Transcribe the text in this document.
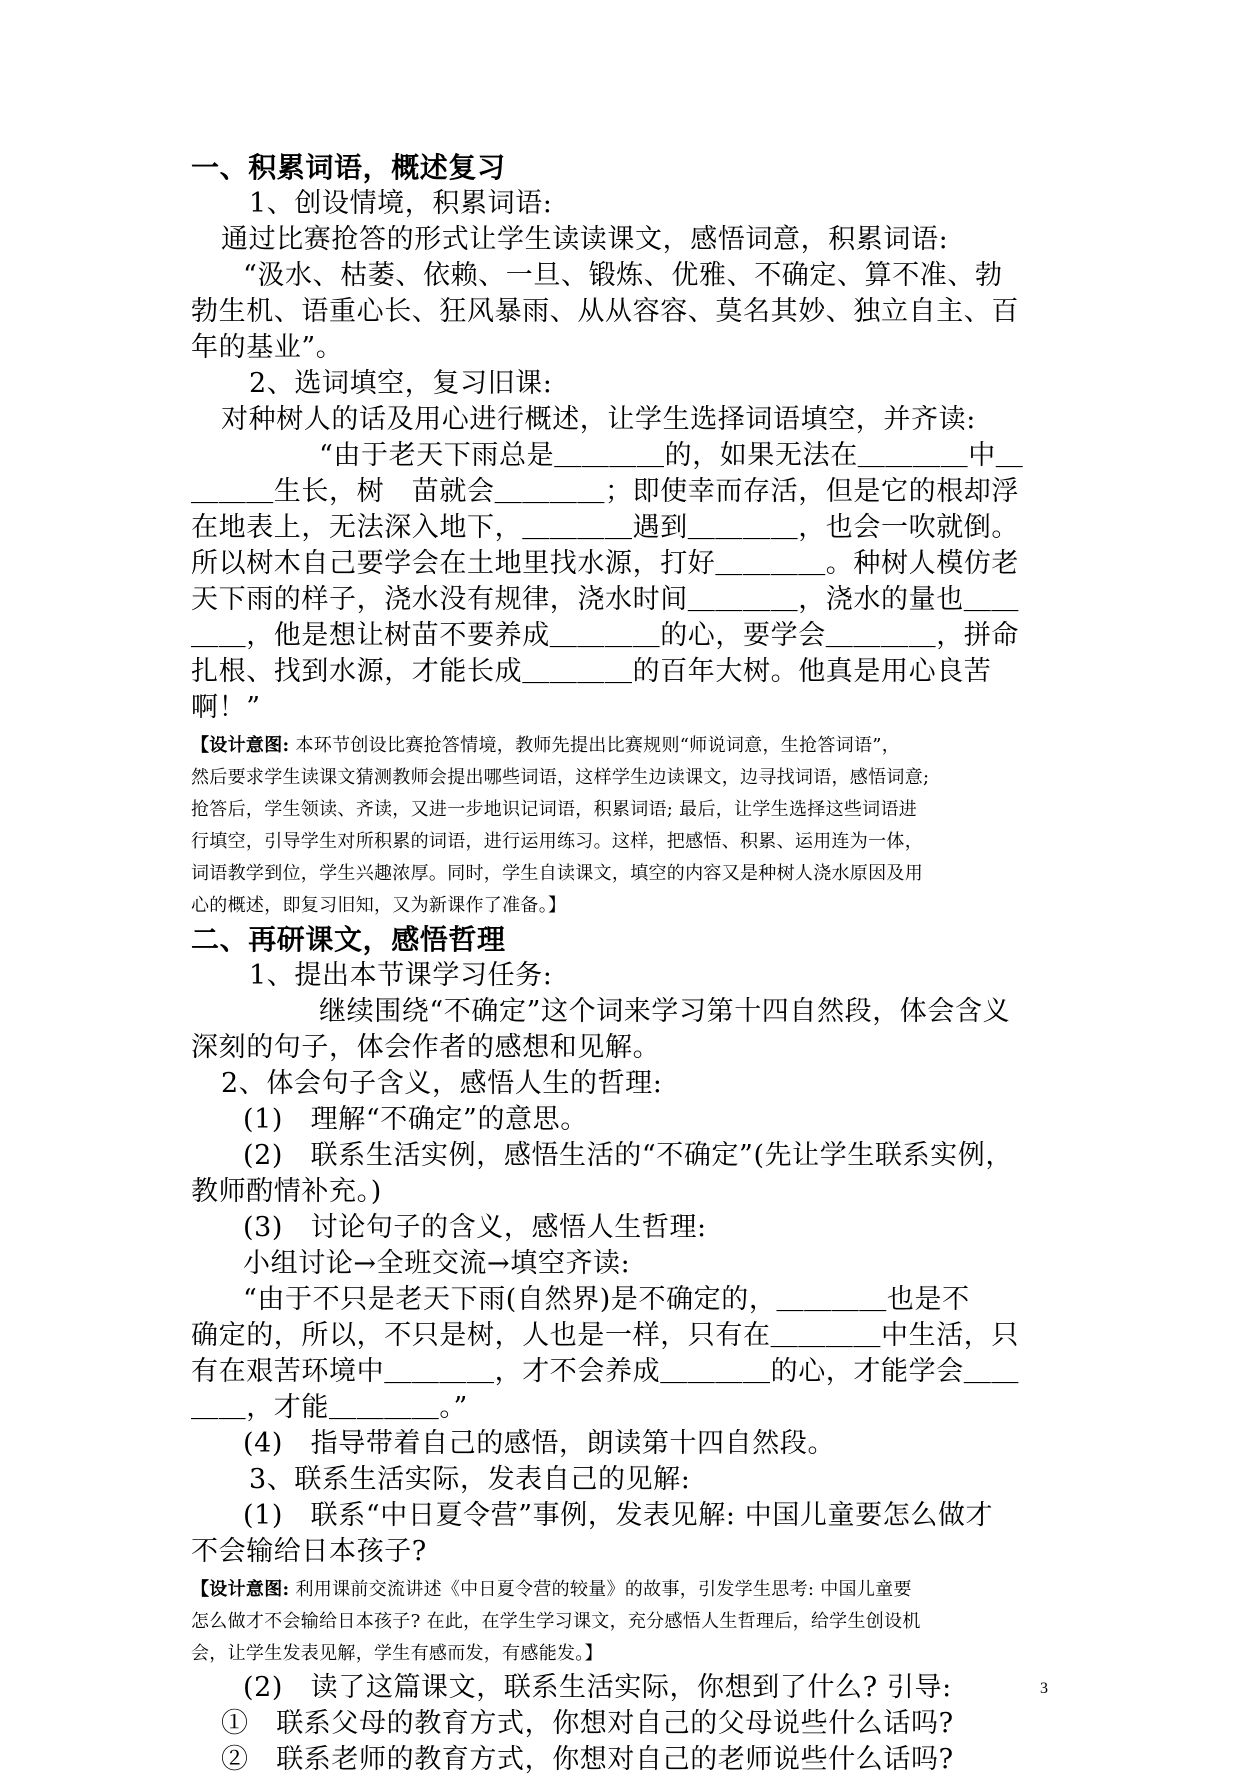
一、积累词语，概述复习

1、创设情境，积累词语:

通过比赛抢答的形式让学生读读课文，感悟词意，积累词语:

“汲水、枯萎、依赖、一旦、锻炼、优雅、不确定、算不准、勃

勃生机、语重心长、狂风暴雨、从从容容、莫名其妙、独立自主、百

年的基业”。

2、选词填空，复习旧课:

对种树人的话及用心进行概述，让学生选择词语填空，并齐读:

“由于老天下雨总是＿＿＿＿的，如果无法在＿＿＿＿中＿

＿＿＿生长，树　苗就会＿＿＿＿；即使幸而存活，但是它的根却浮

在地表上，无法深入地下，＿＿＿＿遇到＿＿＿＿，也会一吹就倒。

所以树木自己要学会在土地里找水源，打好＿＿＿＿。种树人模仿老

天下雨的样子，浇水没有规律，浇水时间＿＿＿＿，浇水的量也＿＿

＿＿，他是想让树苗不要养成＿＿＿＿的心，要学会＿＿＿＿，拼命

扎根、找到水源，才能长成＿＿＿＿的百年大树。他真是用心良苦

啊！”

【设计意图: 本环节创设比赛抢答情境，教师先提出比赛规则“师说词意，生抢答词语”，

然后要求学生读课文猜测教师会提出哪些词语，这样学生边读课文，边寻找词语，感悟词意;

抢答后，学生领读、齐读，又进一步地识记词语，积累词语; 最后，让学生选择这些词语进

行填空，引导学生对所积累的词语，进行运用练习。这样，把感悟、积累、运用连为一体，

词语教学到位，学生兴趣浓厚。同时，学生自读课文，填空的内容又是种树人浇水原因及用

心的概述，即复习旧知，又为新课作了准备。】

二、再研课文，感悟哲理

1、提出本节课学习任务:

继续围绕“不确定”这个词来学习第十四自然段，体会含义

深刻的句子，体会作者的感想和见解。

2、体会句子含义，感悟人生的哲理:

(1)　理解“不确定”的意思。

(2)　联系生活实例，感悟生活的“不确定”(先让学生联系实例，

教师酌情补充。)

(3)　讨论句子的含义，感悟人生哲理:

小组讨论→全班交流→填空齐读:

“由于不只是老天下雨(自然界)是不确定的，＿＿＿＿也是不

确定的，所以，不只是树，人也是一样，只有在＿＿＿＿中生活，只

有在艰苦环境中＿＿＿＿，才不会养成＿＿＿＿的心，才能学会＿＿

＿＿，才能＿＿＿＿。”

(4)　指导带着自己的感悟，朗读第十四自然段。

3、联系生活实际，发表自己的见解:

(1)　联系“中日夏令营”事例，发表见解: 中国儿童要怎么做才

不会输给日本孩子?

【设计意图: 利用课前交流讲述《中日夏令营的较量》的故事，引发学生思考: 中国儿童要

怎么做才不会输给日本孩子? 在此，在学生学习课文，充分感悟人生哲理后，给学生创设机

会，让学生发表见解，学生有感而发，有感能发。】

(2)　读了这篇课文，联系生活实际，你想到了什么? 引导:

①　联系父母的教育方式，你想对自己的父母说些什么话吗?

②　联系老师的教育方式，你想对自己的老师说些什么话吗?

3
